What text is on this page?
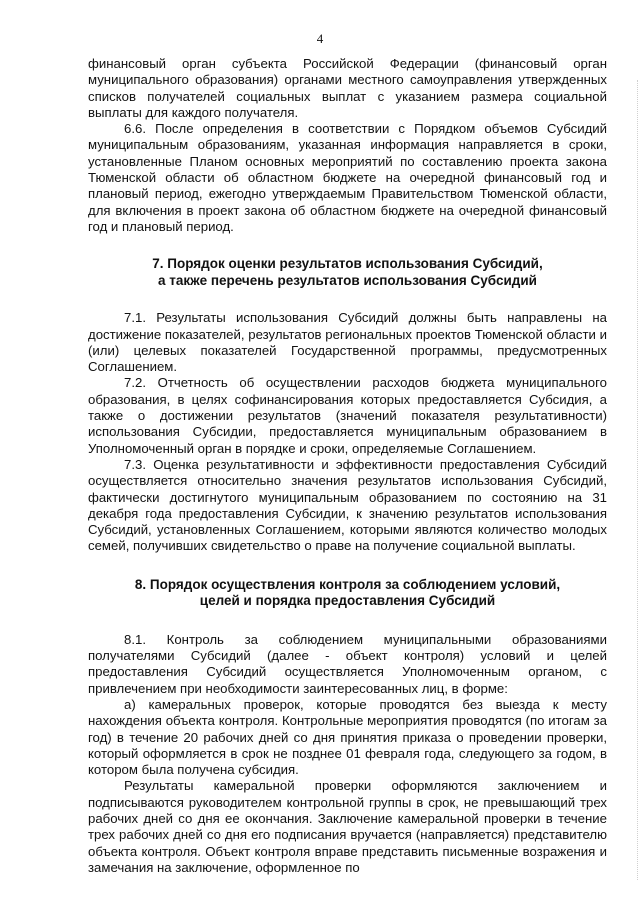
4

финансовый орган субъекта Российской Федерации (финансовый орган муниципального образования) органами местного самоуправления утвержденных списков получателей социальных выплат с указанием размера социальной выплаты для каждого получателя.

6.6. После определения в соответствии с Порядком объемов Субсидий муниципальным образованиям, указанная информация направляется в сроки, установленные Планом основных мероприятий по составлению проекта закона Тюменской области об областном бюджете на очередной финансовый год и плановый период, ежегодно утверждаемым Правительством Тюменской области, для включения в проект закона об областном бюджете на очередной финансовый год и плановый период.

7. Порядок оценки результатов использования Субсидий,
а также перечень результатов использования Субсидий

7.1. Результаты использования Субсидий должны быть направлены на достижение показателей, результатов региональных проектов Тюменской области и (или) целевых показателей Государственной программы, предусмотренных Соглашением.

7.2. Отчетность об осуществлении расходов бюджета муниципального образования, в целях софинансирования которых предоставляется Субсидия, а также о достижении результатов (значений показателя результативности) использования Субсидии, предоставляется муниципальным образованием в Уполномоченный орган в порядке и сроки, определяемые Соглашением.

7.3. Оценка результативности и эффективности предоставления Субсидий осуществляется относительно значения результатов использования Субсидий, фактически достигнутого муниципальным образованием по состоянию на 31 декабря года предоставления Субсидии, к значению результатов использования Субсидий, установленных Соглашением, которыми являются количество молодых семей, получивших свидетельство о праве на получение социальной выплаты.

8. Порядок осуществления контроля за соблюдением условий,
целей и порядка предоставления Субсидий

8.1. Контроль за соблюдением муниципальными образованиями получателями Субсидий (далее - объект контроля) условий и целей предоставления Субсидий осуществляется Уполномоченным органом, с привлечением при необходимости заинтересованных лиц, в форме:

а) камеральных проверок, которые проводятся без выезда к месту нахождения объекта контроля. Контрольные мероприятия проводятся (по итогам за год) в течение 20 рабочих дней со дня принятия приказа о проведении проверки, который оформляется в срок не позднее 01 февраля года, следующего за годом, в котором была получена субсидия.

Результаты камеральной проверки оформляются заключением и подписываются руководителем контрольной группы в срок, не превышающий трех рабочих дней со дня ее окончания. Заключение камеральной проверки в течение трех рабочих дней со дня его подписания вручается (направляется) представителю объекта контроля. Объект контроля вправе представить письменные возражения и замечания на заключение, оформленное по
